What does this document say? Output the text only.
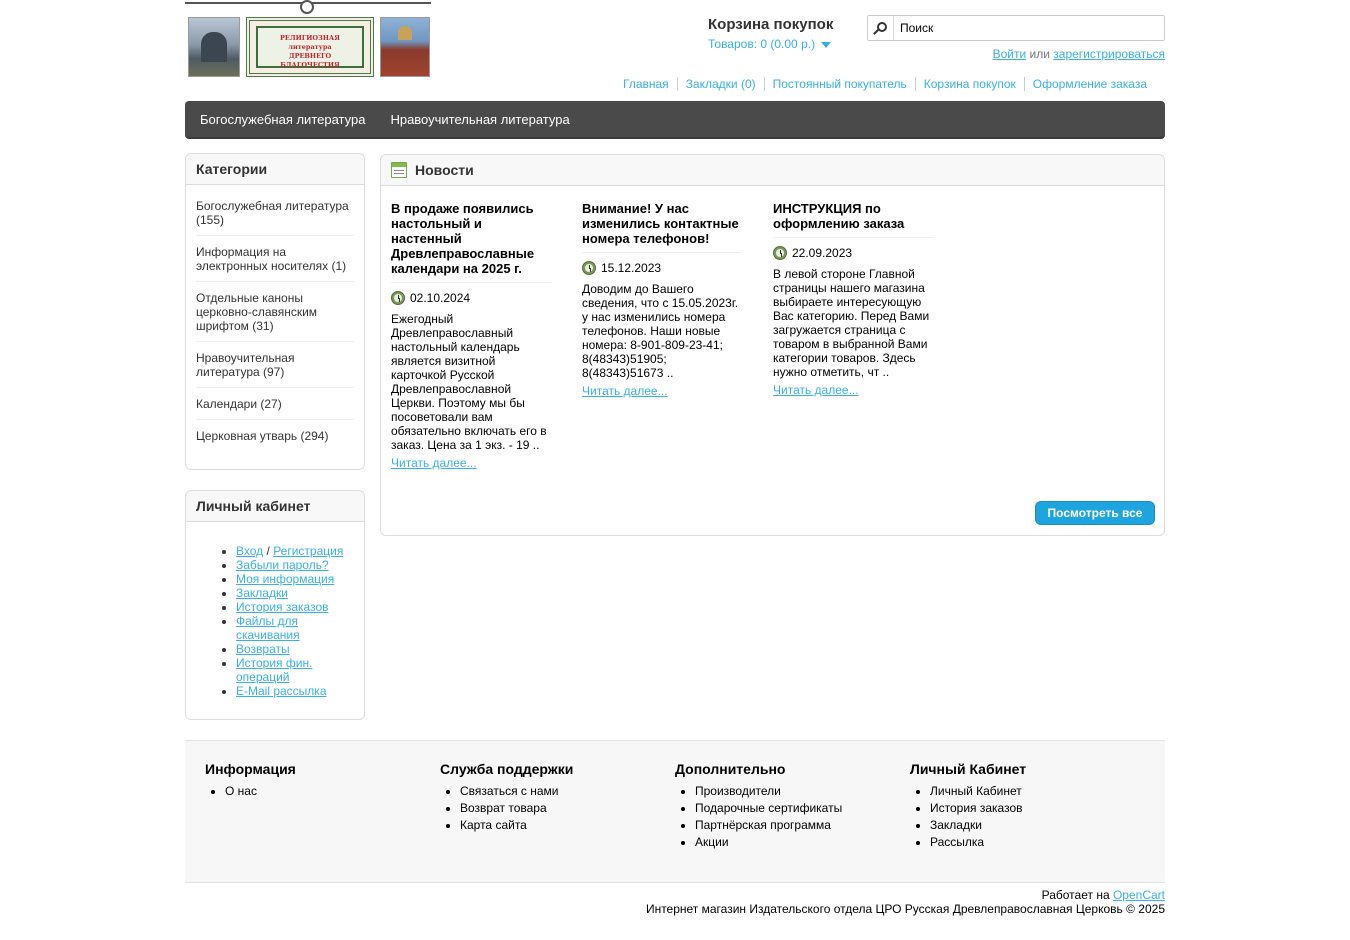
РЕЛИГИОЗНАЯ
литература
ДРЕВНЕГО
БЛАГОЧЕСТИЯ
Корзина покупок
Товаров: 0 (0.00 р.)
Поиск
Войти или зарегистрироваться
Главная	Закладки (0)	Постоянный покупатель	Корзина покупок	Оформление заказа
Богослужебная литература Нравоучительная литература
Категории
Богослужебная литература (155)
Информация на электронных носителях (1)
Отдельные каноны церковно-славянским шрифтом (31)
Нравоучительная литература (97)
Календари (27)
Церковная утварь (294)
Личный кабинет
• Вход / Регистрация
• Забыли пароль?
• Моя информация
• Закладки
• История заказов
• Файлы для скачивания
• Возвраты
• История фин. операций
• E-Mail рассылка
Новости
В продаже появились настольный и настенный Древлеправославные календари на 2025 г.
02.10.2024
Ежегодный Древлеправославный настольный календарь является визитной карточкой Русской Древлеправославной Церкви. Поэтому мы бы посоветовали вам обязательно включать его в заказ. Цена за 1 экз. - 19 ..
Читать далее...
Внимание! У нас изменились контактные номера телефонов!
15.12.2023
Доводим до Вашего сведения, что с 15.05.2023г. у нас изменились номера телефонов. Наши новые номера: 8-901-809-23-41; 8(48343)51905; 8(48343)51673 ..
Читать далее...
ИНСТРУКЦИЯ по оформлению заказа
22.09.2023
В левой стороне Главной страницы нашего магазина выбираете интересующую Вас категорию. Перед Вами загружается страница с товаром в выбранной Вами категории товаров. Здесь нужно отметить, чт ..
Читать далее...
Посмотреть все
Информация
• О нас
Служба поддержки
• Связаться с нами
• Возврат товара
• Карта сайта
Дополнительно
• Производители
• Подарочные сертификаты
• Партнёрская программа
• Акции
Личный Кабинет
• Личный Кабинет
• История заказов
• Закладки
• Рассылка
Работает на OpenCart
Интернет магазин Издательского отдела ЦРО Русская Древлеправославная Церковь © 2025
